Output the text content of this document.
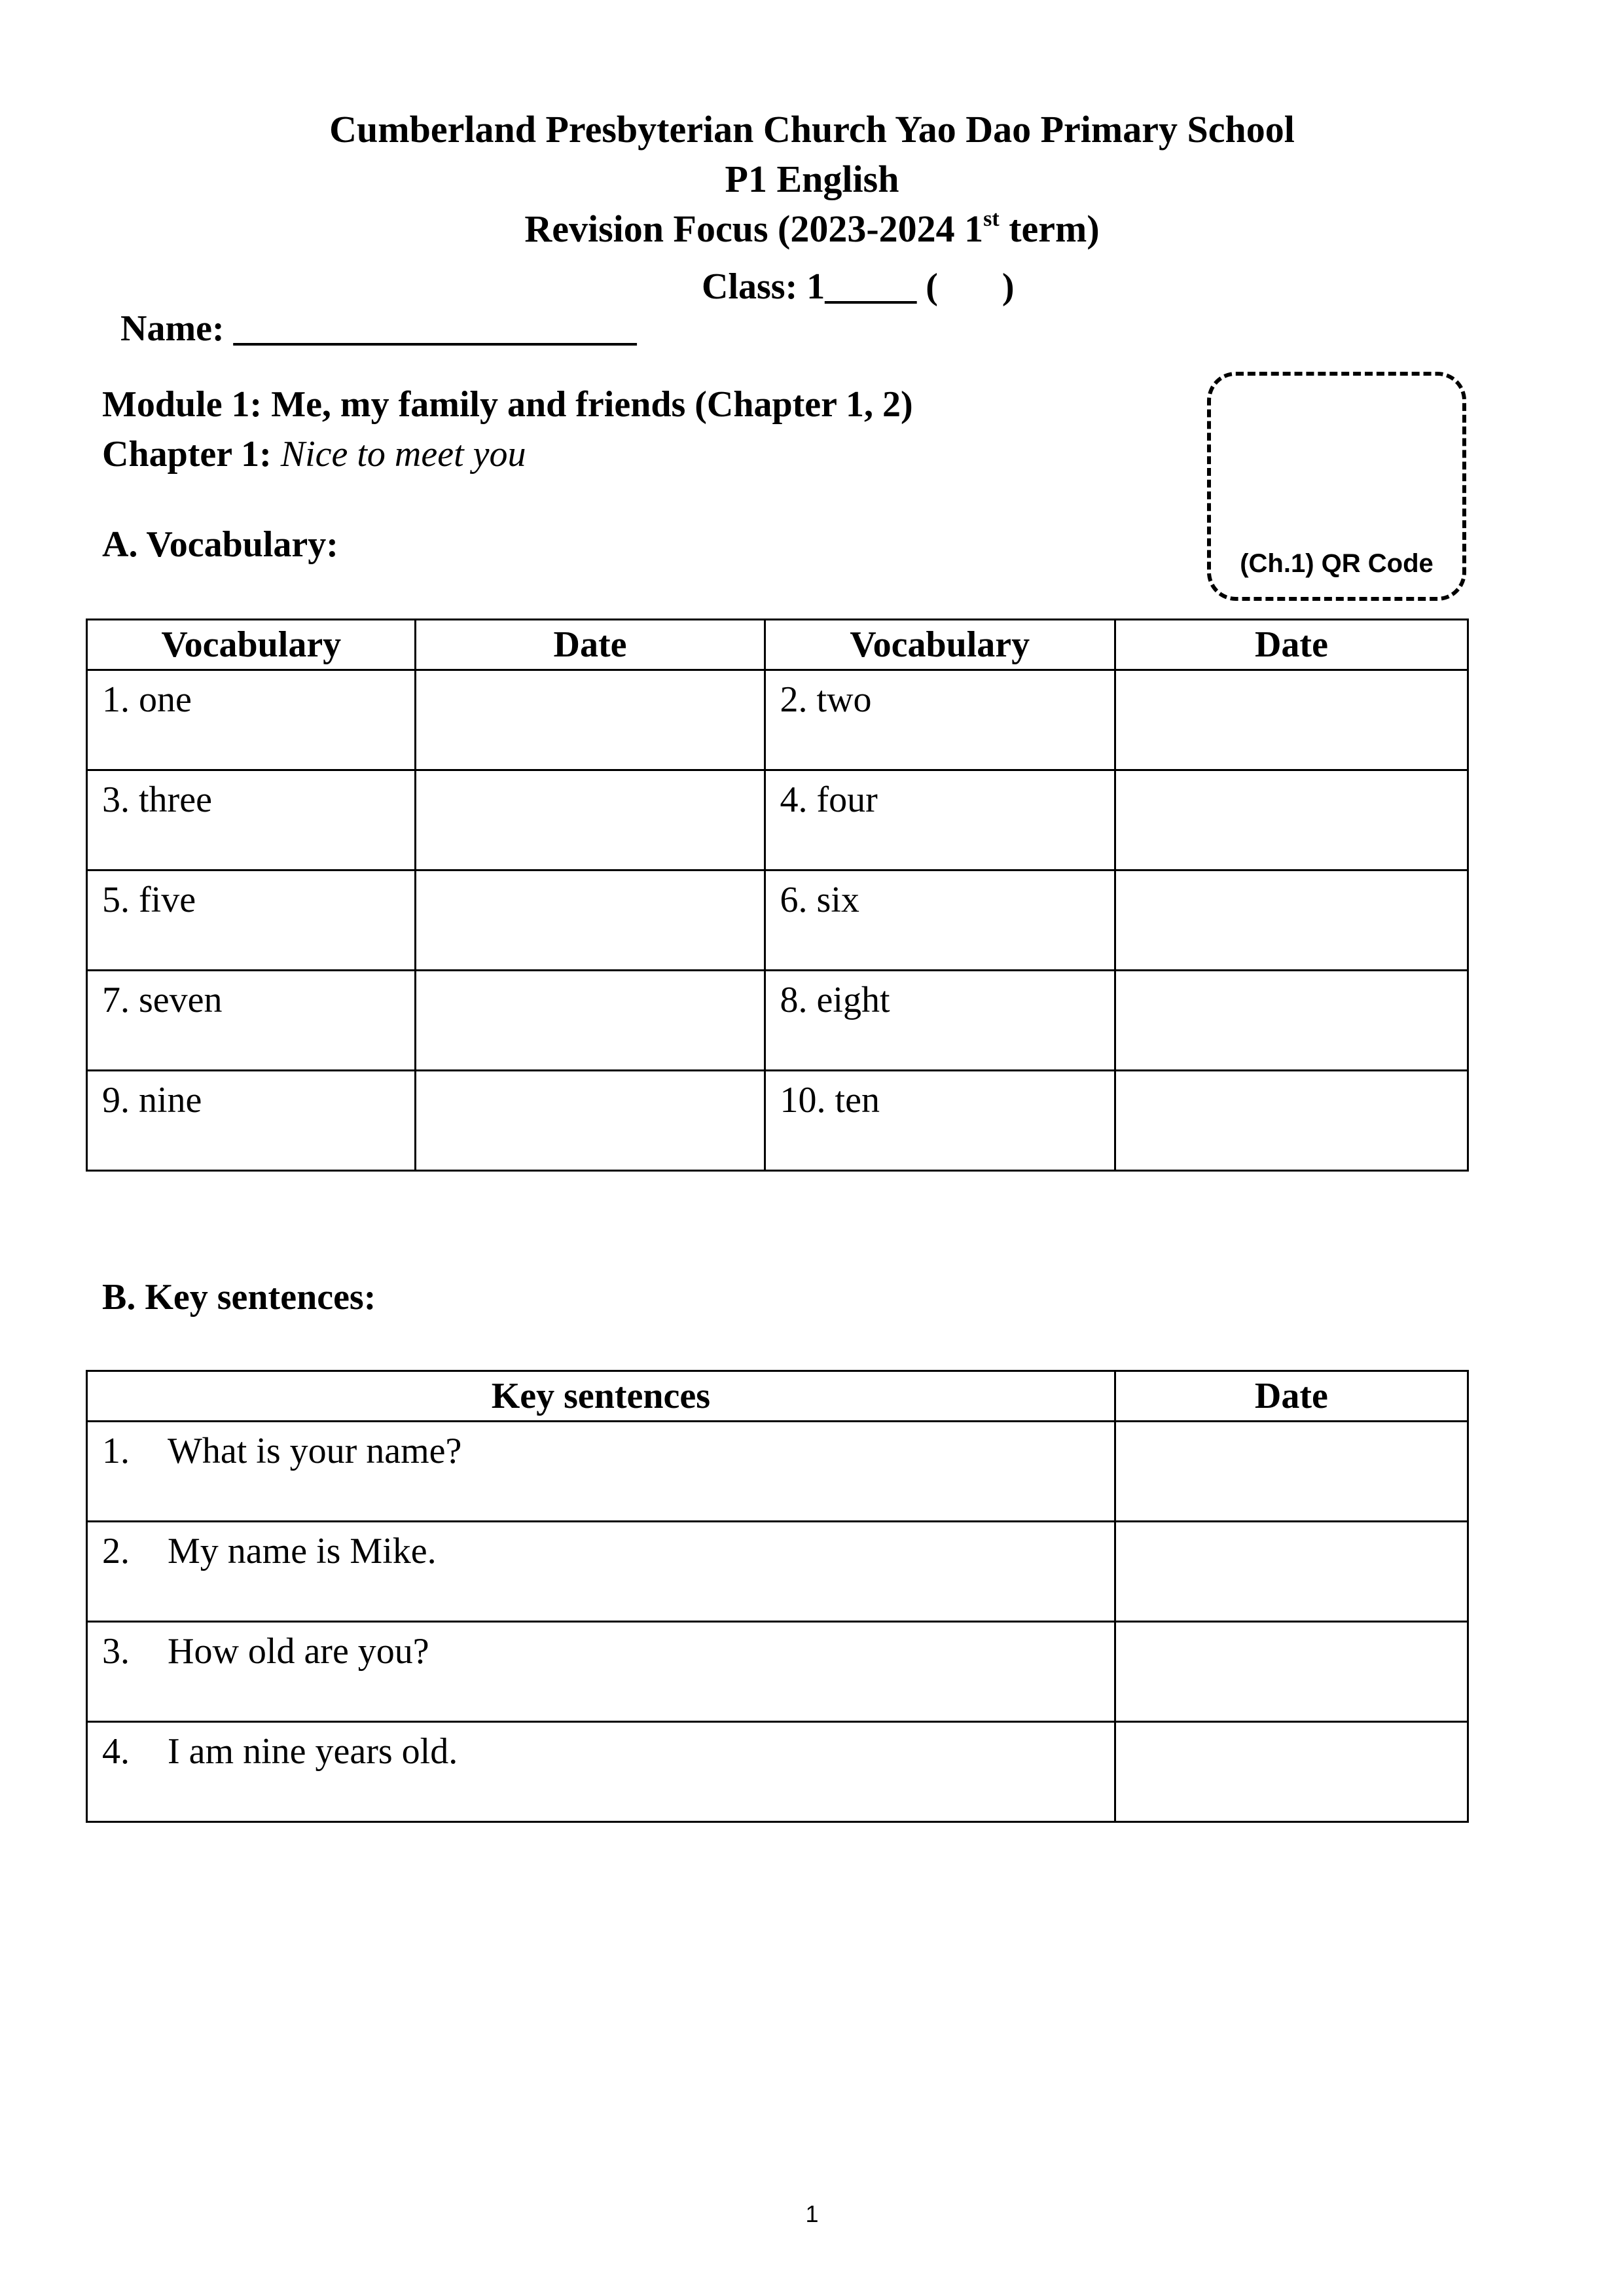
Cumberland Presbyterian Church Yao Dao Primary School
P1 English
Revision Focus (2023-2024 1st term)

Name: ______________________

Class: 1_____ (       )

Module 1: Me, my family and friends (Chapter 1, 2)
Chapter 1: Nice to meet you
(Ch.1) QR Code
A. Vocabulary:
Vocabulary	Date	Vocabulary	Date
1. one		2. two	
3. three		4. four	
5. five		6. six	
7. seven		8. eight	
9. nine		10. ten	
B. Key sentences:
Key sentences	Date

1. What is your name?	

2. My name is Mike.	

3. How old are you?	

4. I am nine years old.	

1
